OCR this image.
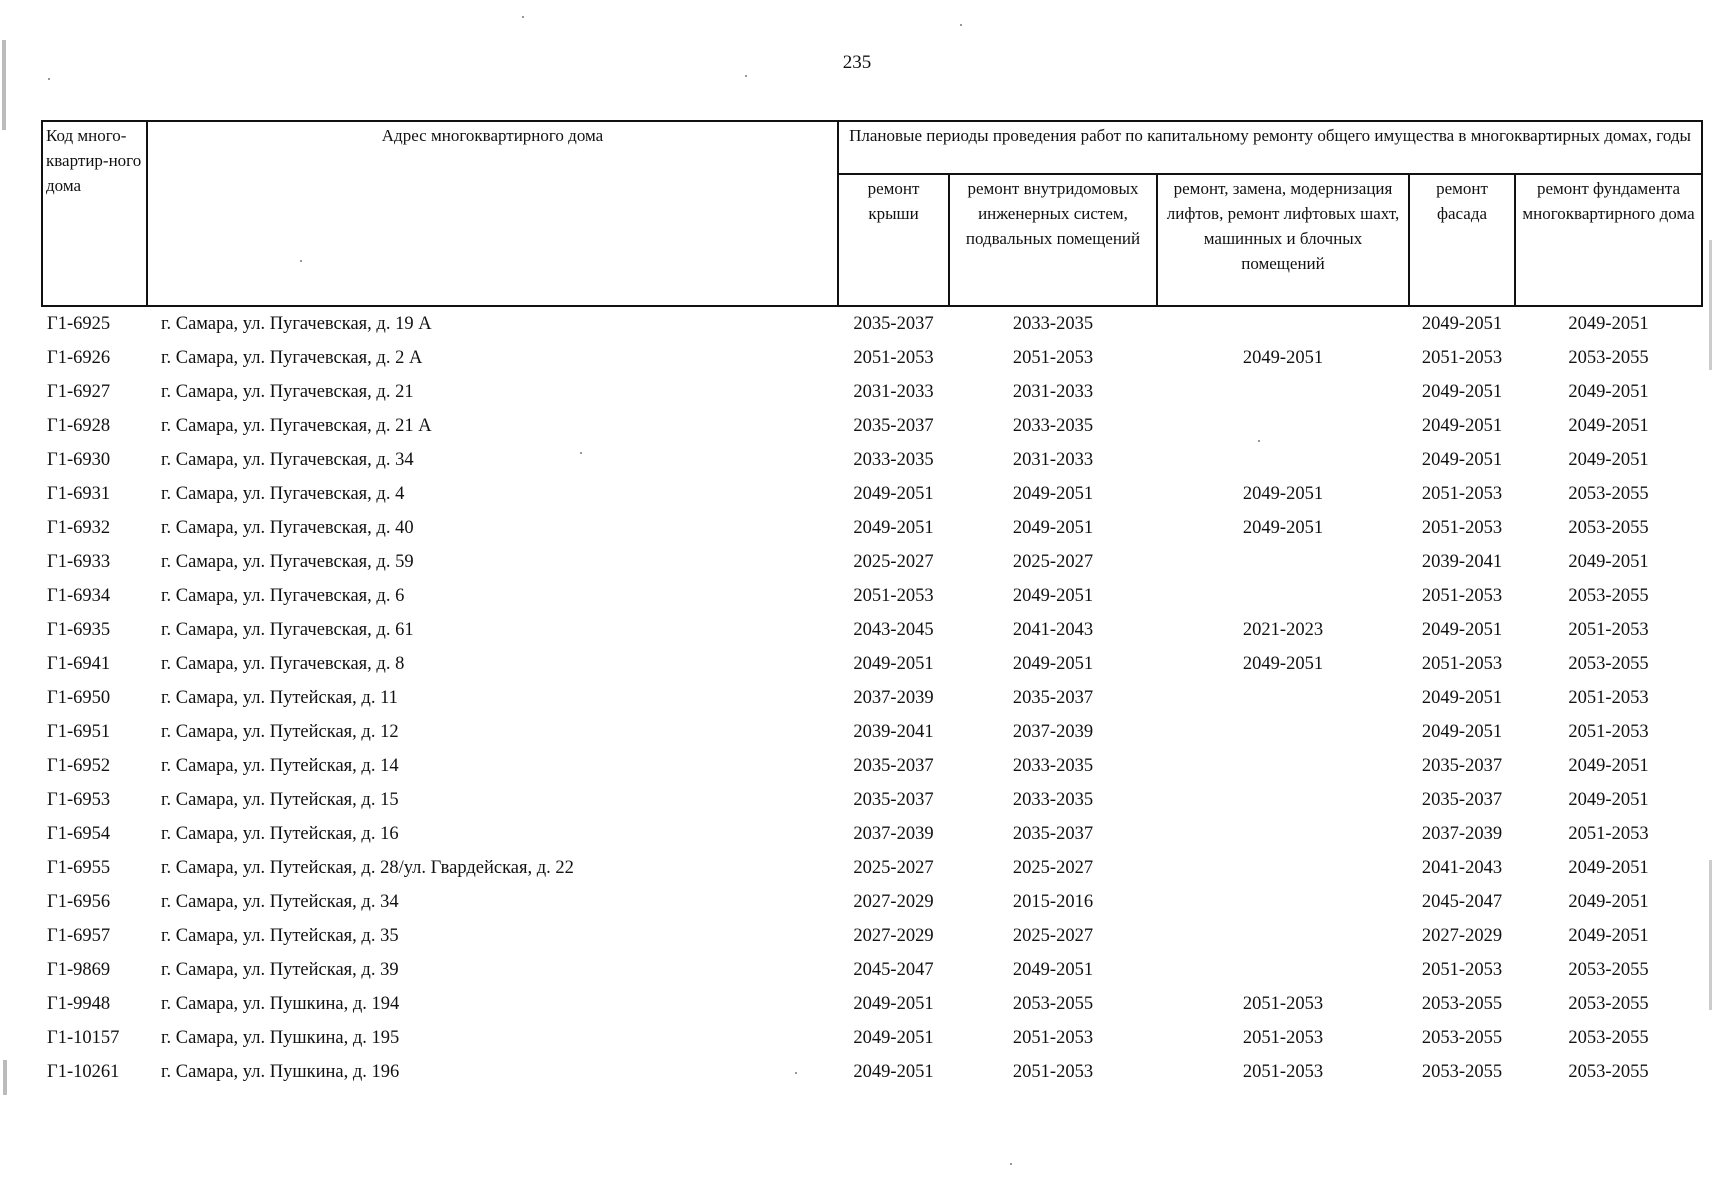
235
Код много-квартир-ного дома	Адрес многоквартирного дома	Плановые периоды проведения работ по капитальному ремонту общего имущества в многоквартирных домах, годы				
		ремонт крыши	ремонт внутридомовых инженерных систем, подвальных помещений	ремонт, замена, модернизация лифтов, ремонт лифтовых шахт, машинных и блочных помещений	ремонт фасада	ремонт фундамента многоквартирного дома
Г1-6925	г. Самара, ул. Пугачевская, д. 19 А	2035-2037	2033-2035		2049-2051	2049-2051
Г1-6926	г. Самара, ул. Пугачевская, д. 2 А	2051-2053	2051-2053	2049-2051	2051-2053	2053-2055
Г1-6927	г. Самара, ул. Пугачевская, д. 21	2031-2033	2031-2033		2049-2051	2049-2051
Г1-6928	г. Самара, ул. Пугачевская, д. 21 А	2035-2037	2033-2035		2049-2051	2049-2051
Г1-6930	г. Самара, ул. Пугачевская, д. 34	2033-2035	2031-2033		2049-2051	2049-2051
Г1-6931	г. Самара, ул. Пугачевская, д. 4	2049-2051	2049-2051	2049-2051	2051-2053	2053-2055
Г1-6932	г. Самара, ул. Пугачевская, д. 40	2049-2051	2049-2051	2049-2051	2051-2053	2053-2055
Г1-6933	г. Самара, ул. Пугачевская, д. 59	2025-2027	2025-2027		2039-2041	2049-2051
Г1-6934	г. Самара, ул. Пугачевская, д. 6	2051-2053	2049-2051		2051-2053	2053-2055
Г1-6935	г. Самара, ул. Пугачевская, д. 61	2043-2045	2041-2043	2021-2023	2049-2051	2051-2053
Г1-6941	г. Самара, ул. Пугачевская, д. 8	2049-2051	2049-2051	2049-2051	2051-2053	2053-2055
Г1-6950	г. Самара, ул. Путейская, д. 11	2037-2039	2035-2037		2049-2051	2051-2053
Г1-6951	г. Самара, ул. Путейская, д. 12	2039-2041	2037-2039		2049-2051	2051-2053
Г1-6952	г. Самара, ул. Путейская, д. 14	2035-2037	2033-2035		2035-2037	2049-2051
Г1-6953	г. Самара, ул. Путейская, д. 15	2035-2037	2033-2035		2035-2037	2049-2051
Г1-6954	г. Самара, ул. Путейская, д. 16	2037-2039	2035-2037		2037-2039	2051-2053
Г1-6955	г. Самара, ул. Путейская, д. 28/ул. Гвардейская, д. 22	2025-2027	2025-2027		2041-2043	2049-2051
Г1-6956	г. Самара, ул. Путейская, д. 34	2027-2029	2015-2016		2045-2047	2049-2051
Г1-6957	г. Самара, ул. Путейская, д. 35	2027-2029	2025-2027		2027-2029	2049-2051
Г1-9869	г. Самара, ул. Путейская, д. 39	2045-2047	2049-2051		2051-2053	2053-2055
Г1-9948	г. Самара, ул. Пушкина, д. 194	2049-2051	2053-2055	2051-2053	2053-2055	2053-2055
Г1-10157	г. Самара, ул. Пушкина, д. 195	2049-2051	2051-2053	2051-2053	2053-2055	2053-2055
Г1-10261	г. Самара, ул. Пушкина, д. 196	2049-2051	2051-2053	2051-2053	2053-2055	2053-2055
